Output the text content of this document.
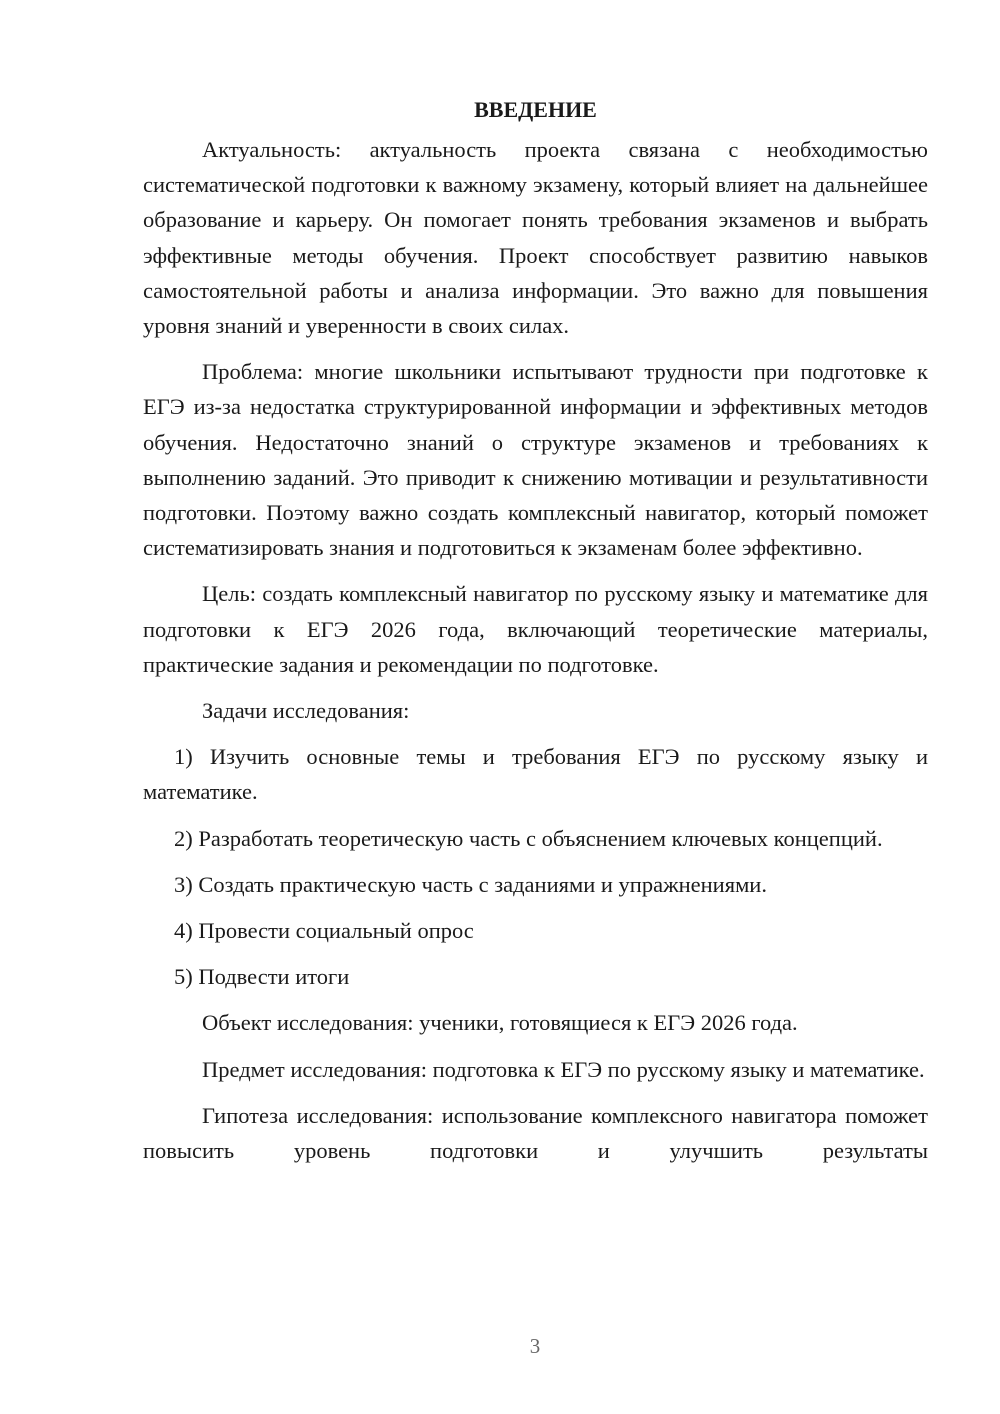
ВВЕДЕНИЕ

Актуальность: актуальность проекта связана с необходимостью систематической подготовки к важному экзамену, который влияет на дальнейшее образование и карьеру. Он помогает понять требования экзаменов и выбрать эффективные методы обучения. Проект способствует развитию навыков самостоятельной работы и анализа информации. Это важно для повышения уровня знаний и уверенности в своих силах.

Проблема: многие школьники испытывают трудности при подготовке к ЕГЭ из-за недостатка структурированной информации и эффективных методов обучения. Недостаточно знаний о структуре экзаменов и требованиях к выполнению заданий. Это приводит к снижению мотивации и результативности подготовки. Поэтому важно создать комплексный навигатор, который поможет систематизировать знания и подготовиться к экзаменам более эффективно.

Цель: создать комплексный навигатор по русскому языку и математике для подготовки к ЕГЭ 2026 года, включающий теоретические материалы, практические задания и рекомендации по подготовке.

Задачи исследования:

1) Изучить основные темы и требования ЕГЭ по русскому языку и математике.

2) Разработать теоретическую часть с объяснением ключевых концепций.

3) Создать практическую часть с заданиями и упражнениями.

4) Провести социальный опрос

5) Подвести итоги

Объект исследования: ученики, готовящиеся к ЕГЭ 2026 года.

Предмет исследования: подготовка к ЕГЭ по русскому языку и математике.

Гипотеза исследования: использование комплексного навигатора поможет повысить уровень подготовки и улучшить результаты

3
